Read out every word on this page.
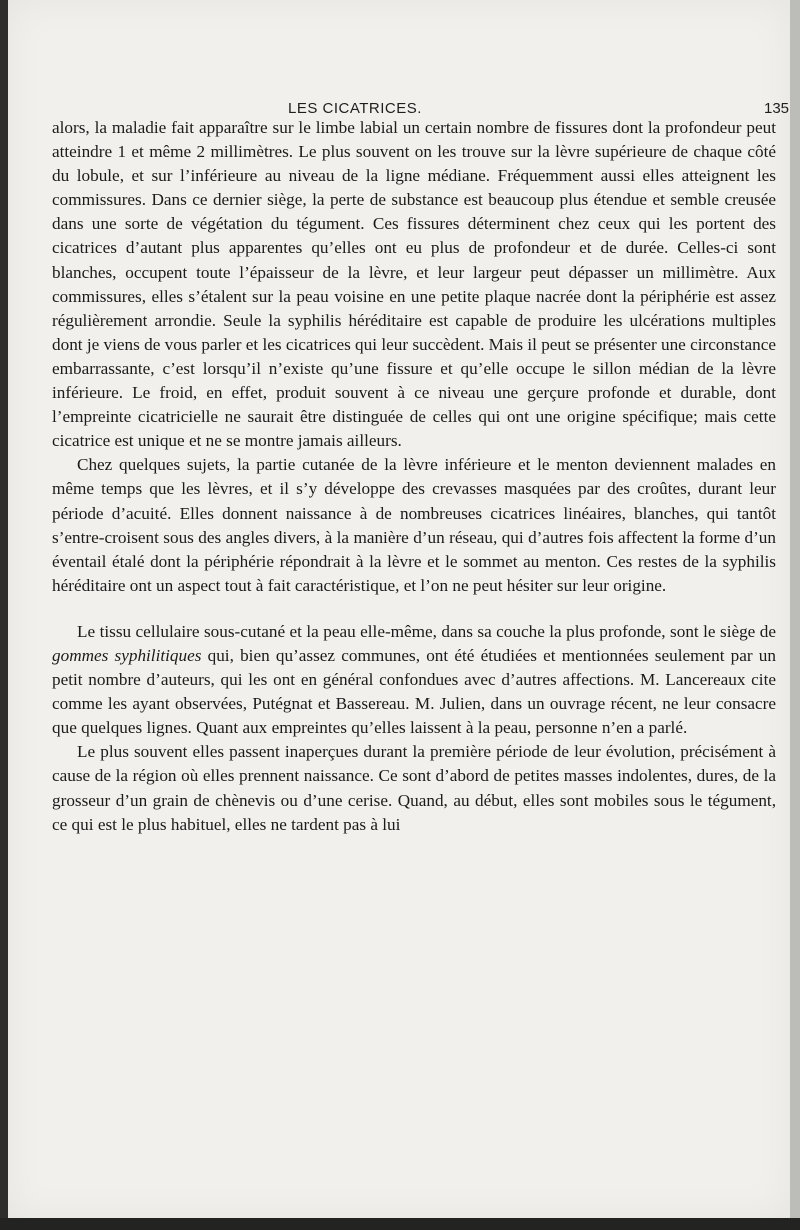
LES CICATRICES.	135

alors, la maladie fait apparaître sur le limbe labial un certain nombre de fissures dont la profondeur peut atteindre 1 et même 2 millimètres. Le plus souvent on les trouve sur la lèvre supérieure de chaque côté du lobule, et sur l’inférieure au niveau de la ligne médiane. Fréquemment aussi elles atteignent les commissures. Dans ce dernier siège, la perte de substance est beaucoup plus étendue et semble creusée dans une sorte de végétation du tégument. Ces fissures déterminent chez ceux qui les portent des cicatrices d’autant plus apparentes qu’elles ont eu plus de profondeur et de durée. Celles-ci sont blanches, occupent toute l’épaisseur de la lèvre, et leur largeur peut dépasser un millimètre. Aux commissures, elles s’étalent sur la peau voisine en une petite plaque nacrée dont la périphérie est assez régulièrement arrondie. Seule la syphilis héréditaire est capable de produire les ulcérations multiples dont je viens de vous parler et les cicatrices qui leur succèdent. Mais il peut se présenter une circonstance embarrassante, c’est lorsqu’il n’existe qu’une fissure et qu’elle occupe le sillon médian de la lèvre inférieure. Le froid, en effet, produit souvent à ce niveau une gerçure profonde et durable, dont l’empreinte cicatricielle ne saurait être distinguée de celles qui ont une origine spécifique; mais cette cicatrice est unique et ne se montre jamais ailleurs.

Chez quelques sujets, la partie cutanée de la lèvre inférieure et le menton deviennent malades en même temps que les lèvres, et il s’y développe des crevasses masquées par des croûtes, durant leur période d’acuité. Elles donnent naissance à de nombreuses cicatrices linéaires, blanches, qui tantôt s’entre-croisent sous des angles divers, à la manière d’un réseau, qui d’autres fois affectent la forme d’un éventail étalé dont la périphérie répondrait à la lèvre et le sommet au menton. Ces restes de la syphilis héréditaire ont un aspect tout à fait caractéristique, et l’on ne peut hésiter sur leur origine.

Le tissu cellulaire sous-cutané et la peau elle-même, dans sa couche la plus profonde, sont le siège de gommes syphilitiques qui, bien qu’assez communes, ont été étudiées et mentionnées seulement par un petit nombre d’auteurs, qui les ont en général confondues avec d’autres affections. M. Lancereaux cite comme les ayant observées, Putégnat et Bassereau. M. Julien, dans un ouvrage récent, ne leur consacre que quelques lignes. Quant aux empreintes qu’elles laissent à la peau, personne n’en a parlé.

Le plus souvent elles passent inaperçues durant la première période de leur évolution, précisément à cause de la région où elles prennent naissance. Ce sont d’abord de petites masses indolentes, dures, de la grosseur d’un grain de chènevis ou d’une cerise. Quand, au début, elles sont mobiles sous le tégument, ce qui est le plus habituel, elles ne tardent pas à lui
